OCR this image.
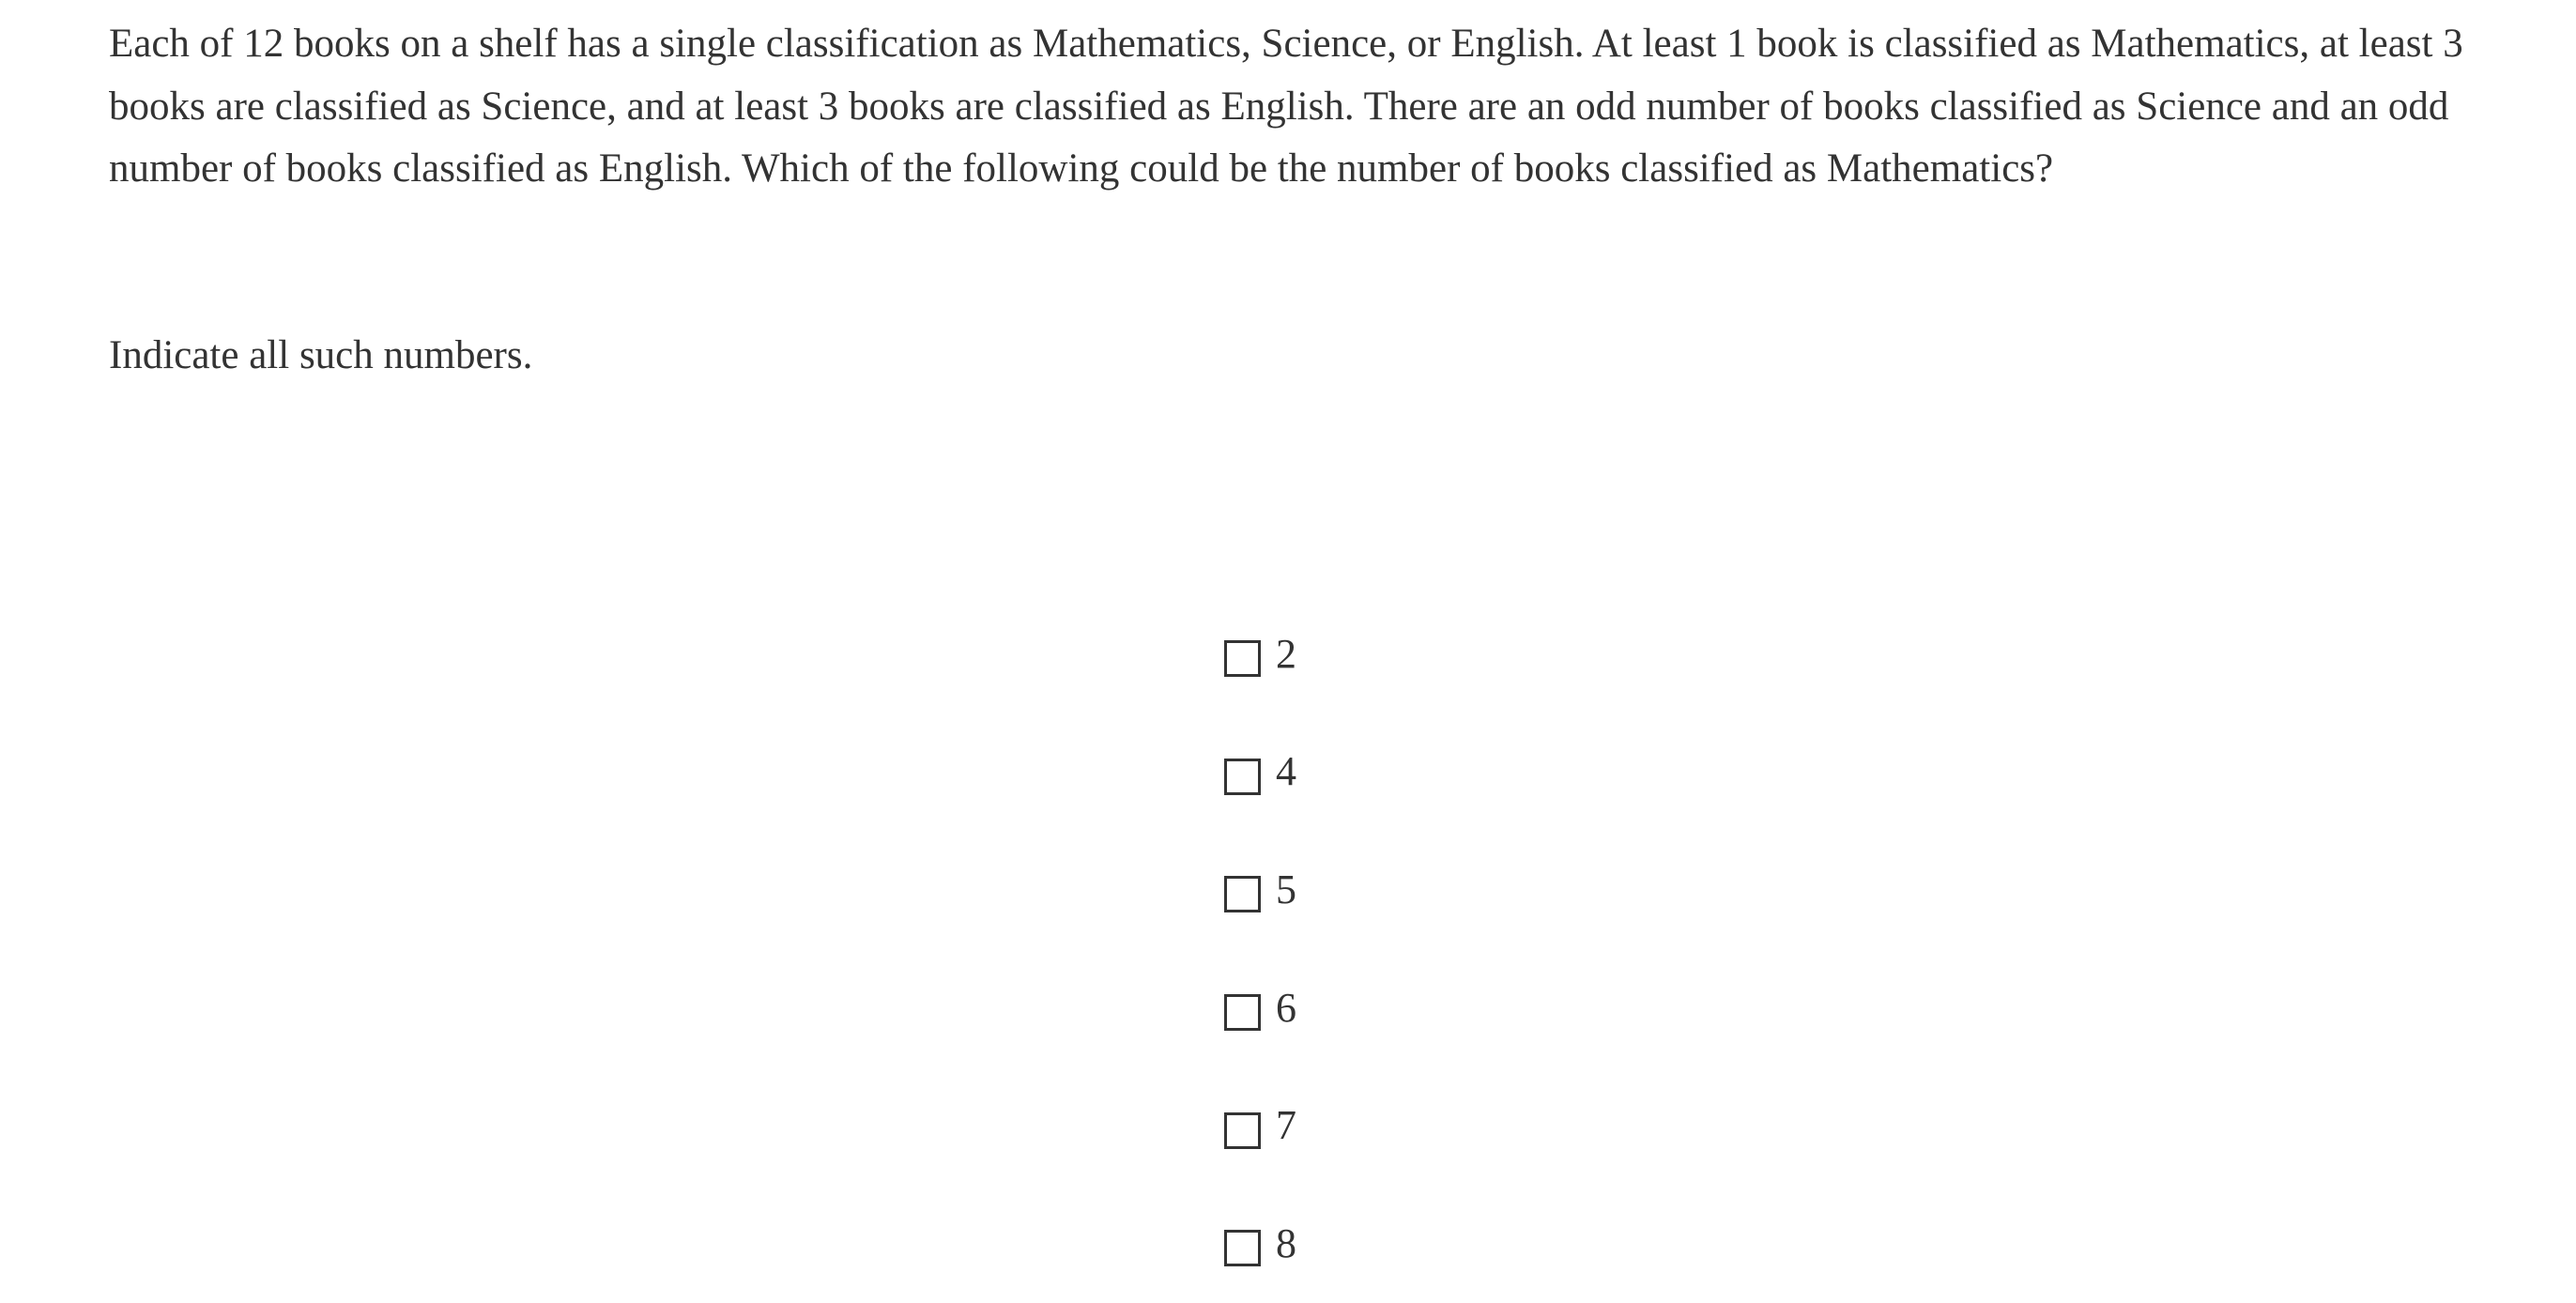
Each of 12 books on a shelf has a single classification as Mathematics, Science, or English. At least 1 book is classified as Mathematics, at least 3 books are classified as Science, and at least 3 books are classified as English. There are an odd number of books classified as Science and an odd number of books classified as English. Which of the following could be the number of books classified as Mathematics?

Indicate all such numbers.

2
4
5
6
7
8
